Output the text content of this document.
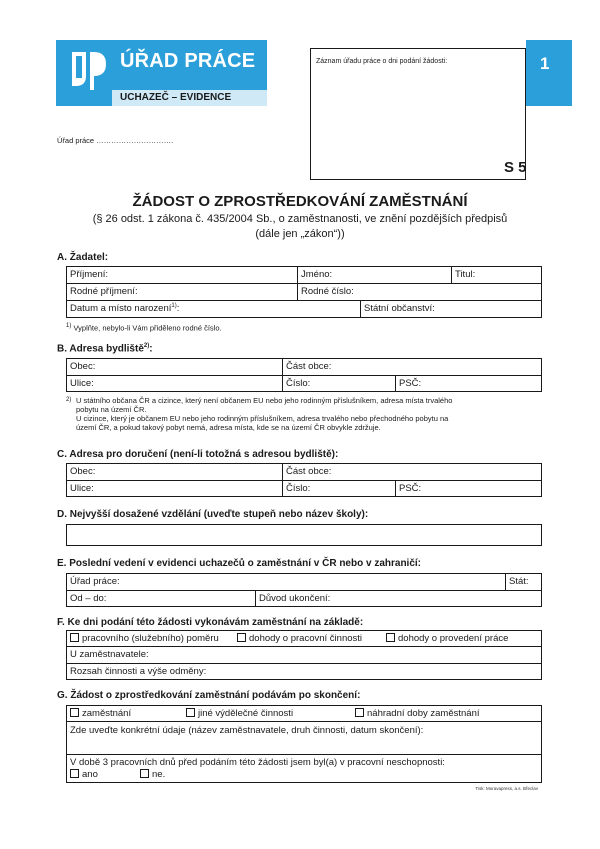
ÚŘAD PRÁCE
UCHAZEČ – EVIDENCE
1
Záznam úřadu práce o dni podání žádosti:
S 5
Úřad práce ………………………….
ŽÁDOST O ZPROSTŘEDKOVÁNÍ ZAMĚSTNÁNÍ
(§ 26 odst. 1 zákona č. 435/2004 Sb., o zaměstnanosti, ve znění pozdějších předpisů
(dále jen „zákon“))
A. Žadatel:
Příjmení:	Jméno:	Titul:
Rodné příjmení:	Rodné číslo:
Datum a místo narození$^{1)}$:	Státní občanství:
$^{1)}$ Vyplňte, nebylo-li Vám přiděleno rodné číslo.
B. Adresa bydliště$^{2)}$:
Obec:	Část obce:
Ulice:	Číslo:	PSČ:
$^{2)}$ U státního občana ČR a cizince, který není občanem EU nebo jeho rodinným příslušníkem, adresa místa trvalého
pobytu na území ČR.
U cizince, který je občanem EU nebo jeho rodinným příslušníkem, adresa trvalého nebo přechodného pobytu na
území ČR, a pokud takový pobyt nemá, adresa místa, kde se na území ČR obvykle zdržuje.
C. Adresa pro doručení (není-li totožná s adresou bydliště):
Obec:	Část obce:
Ulice:	Číslo:	PSČ:
D. Nejvyšší dosažené vzdělání (uveďte stupeň nebo název školy):
E. Poslední vedení v evidenci uchazečů o zaměstnání v ČR nebo v zahraničí:
Úřad práce:	Stát:
Od – do:	Důvod ukončení:
F. Ke dni podání této žádosti vykonávám zaměstnání na základě:
pracovního (služebního) poměru	dohody o pracovní činnosti	dohody o provedení práce
U zaměstnavatele:
Rozsah činnosti a výše odměny:
G. Žádost o zprostředkování zaměstnání podávám po skončení:
zaměstnání	jiné výdělečné činnosti	náhradní doby zaměstnání
Zde uveďte konkrétní údaje (název zaměstnavatele, druh činnosti, datum skončení):
V době 3 pracovních dnů před podáním této žádosti jsem byl(a) v pracovní neschopnosti:
ano	ne.
Tisk: Moravapress, a.s. Břeclav
